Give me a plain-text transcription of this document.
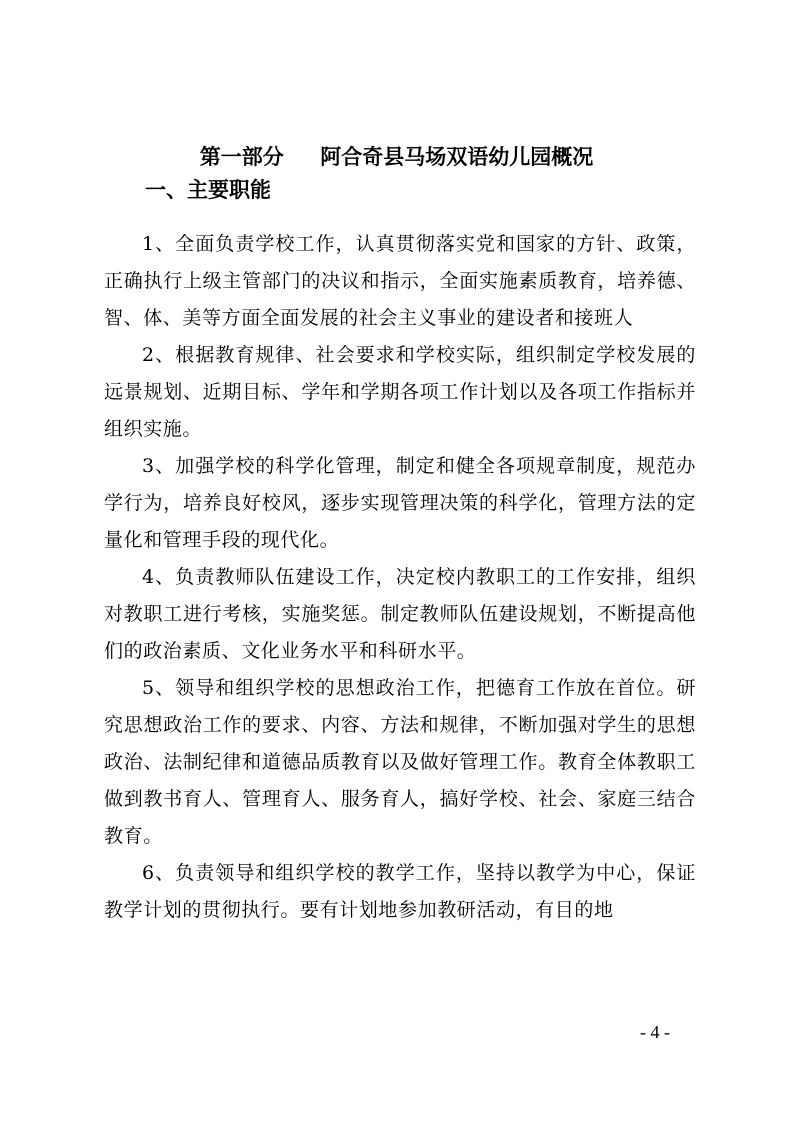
第一部分     阿合奇县马场双语幼儿园概况
一、主要职能

1、全面负责学校工作，认真贯彻落实党和国家的方针、政策，正确执行上级主管部门的决议和指示，全面实施素质教育，培养德、智、体、美等方面全面发展的社会主义事业的建设者和接班人

2、根据教育规律、社会要求和学校实际，组织制定学校发展的远景规划、近期目标、学年和学期各项工作计划以及各项工作指标并组织实施。

3、加强学校的科学化管理，制定和健全各项规章制度，规范办学行为，培养良好校风，逐步实现管理决策的科学化，管理方法的定量化和管理手段的现代化。

4、负责教师队伍建设工作，决定校内教职工的工作安排，组织对教职工进行考核，实施奖惩。制定教师队伍建设规划，不断提高他们的政治素质、文化业务水平和科研水平。

5、领导和组织学校的思想政治工作，把德育工作放在首位。研究思想政治工作的要求、内容、方法和规律，不断加强对学生的思想政治、法制纪律和道德品质教育以及做好管理工作。教育全体教职工做到教书育人、管理育人、服务育人，搞好学校、社会、家庭三结合教育。

6、负责领导和组织学校的教学工作，坚持以教学为中心，保证教学计划的贯彻执行。要有计划地参加教研活动，有目的地

- 4 -
